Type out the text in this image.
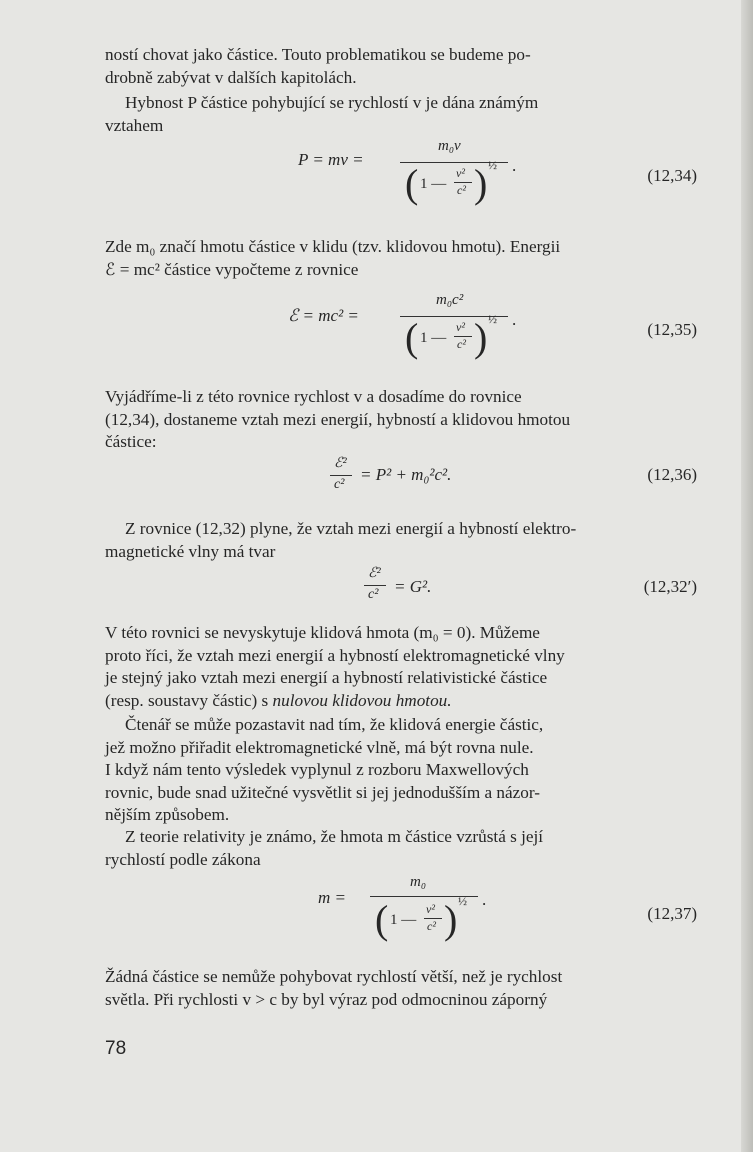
ností chovat jako částice. Touto problematikou se budeme po-
drobně zabývat v dalších kapitolách.
Hybnost P částice pohybující se rychlostí v je dána známým
vztahem
P = mv =
m₀v
( 1 —
v²
c² ) ½ .
(12,34)
Zde m₀ značí hmotu částice v klidu (tzv. klidovou hmotu). Energii
ℰ = mc² částice vypočteme z rovnice
ℰ = mc² =
m₀c²
( 1 —
v²
c² ) ½ .
(12,35)
Vyjádříme-li z této rovnice rychlost v a dosadíme do rovnice
(12,34), dostaneme vztah mezi energií, hybností a klidovou hmotou
částice:
ℰ²
c²
= P² + m₀²c².	(12,36)
Z rovnice (12,32) plyne, že vztah mezi energií a hybností elektro-
magnetické vlny má tvar
ℰ²
c² = G².	(12,32′)
V této rovnici se nevyskytuje klidová hmota (m₀ = 0). Můžeme
proto říci, že vztah mezi energií a hybností elektromagnetické vlny
je stejný jako vztah mezi energií a hybností relativistické částice
(resp. soustavy částic) s nulovou klidovou hmotou.
Čtenář se může pozastavit nad tím, že klidová energie částic,
jež možno přiřadit elektromagnetické vlně, má být rovna nule.
I když nám tento výsledek vyplynul z rozboru Maxwellových
rovnic, bude snad užitečné vysvětlit si jej jednodušším a názor-
nějším způsobem.
Z teorie relativity je známo, že hmota m částice vzrůstá s její
rychlostí podle zákona
m =
m₀
( 1 —
v²
c² ) ½ .
(12,37)
Žádná částice se nemůže pohybovat rychlostí větší, než je rychlost
světla. Při rychlosti v > c by byl výraz pod odmocninou záporný
78
